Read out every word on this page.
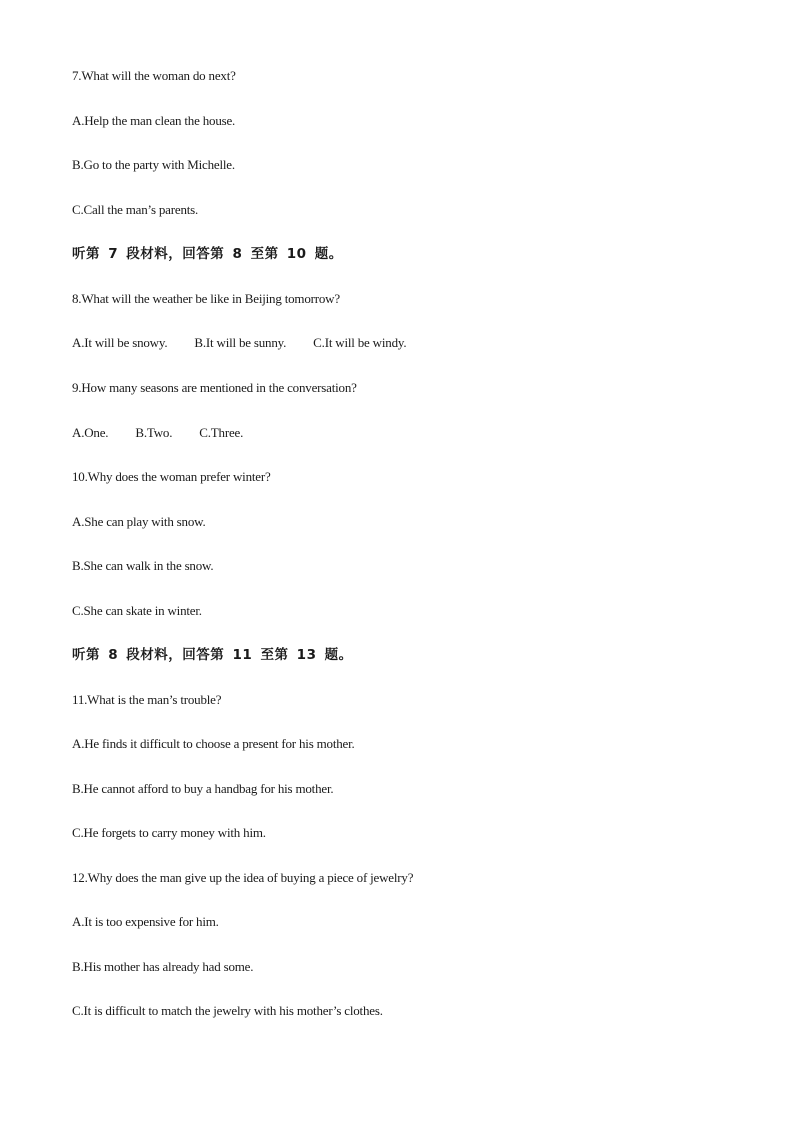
7.What will the woman do next?
A.Help the man clean the house.
B.Go to the party with Michelle.
C.Call the man’s parents.
听第 7 段材料，回答第 8 至第 10 题。
8.What will the weather be like in Beijing tomorrow?
A.It will be snowy. B.It will be sunny. C.It will be windy.
9.How many seasons are mentioned in the conversation?
A.One. B.Two. C.Three.
10.Why does the woman prefer winter?
A.She can play with snow.
B.She can walk in the snow.
C.She can skate in winter.
听第 8 段材料，回答第 11 至第 13 题。
11.What is the man’s trouble?
A.He finds it difficult to choose a present for his mother.
B.He cannot afford to buy a handbag for his mother.
C.He forgets to carry money with him.
12.Why does the man give up the idea of buying a piece of jewelry?
A.It is too expensive for him.
B.His mother has already had some.
C.It is difficult to match the jewelry with his mother’s clothes.
